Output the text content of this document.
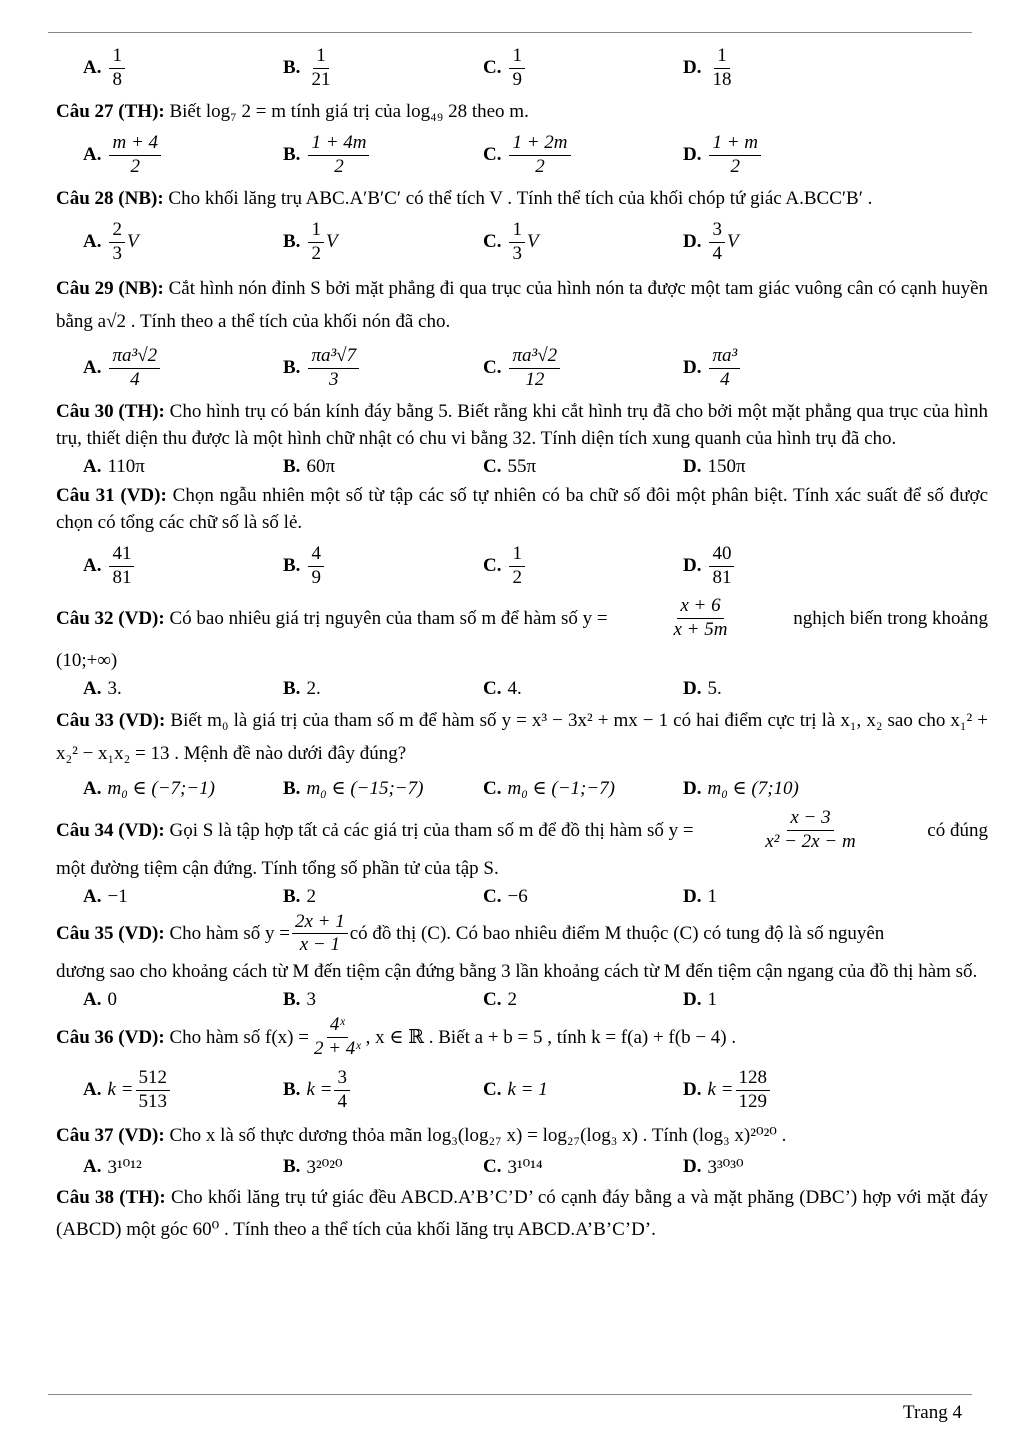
A. $\frac{1}{8}$	B. $\frac{1}{21}$	C. $\frac{1}{9}$	D. $\frac{1}{18}$
Câu 27 (TH): Biết log₇ 2 = m tính giá trị của log₄₉ 28 theo m.
A. $\frac{m + 4}{2}$	B. $\frac{1 + 4m}{2}$	C. $\frac{1 + 2m}{2}$	D. $\frac{1 + m}{2}$
Câu 28 (NB): Cho khối lăng trụ ABC.A′B′C′ có thể tích V . Tính thể tích của khối chóp tứ giác A.BCC′B′ .
A. $\frac{2}{3}$ V	B. $\frac{1}{2}$ V	C. $\frac{1}{3}$ V	D. $\frac{3}{4}$ V
Câu 29 (NB): Cắt hình nón đỉnh S bởi mặt phẳng đi qua trục của hình nón ta được một tam giác vuông cân có cạnh huyền bằng a√2 . Tính theo a thể tích của khối nón đã cho.
A. $\frac{\text{πa³√2}}{4}$	B. $\frac{\text{πa³√7}}{3}$	C. $\frac{\text{πa³√2}}{12}$	D. $\frac{\text{πa³}}{4}$
Câu 30 (TH): Cho hình trụ có bán kính đáy bằng 5. Biết rằng khi cắt hình trụ đã cho bởi một mặt phẳng qua trục của hình trụ, thiết diện thu được là một hình chữ nhật có chu vi bằng 32. Tính diện tích xung quanh của hình trụ đã cho.
A. 110π	B. 60π	C. 55π	D. 150π
Câu 31 (VD): Chọn ngẫu nhiên một số từ tập các số tự nhiên có ba chữ số đôi một phân biệt. Tính xác suất để số được chọn có tổng các chữ số là số lẻ.
A. $\frac{41}{81}$	B. $\frac{4}{9}$	C. $\frac{1}{2}$	D. $\frac{40}{81}$
Câu 32 (VD): Có bao nhiêu giá trị nguyên của tham số m để hàm số y =	$\frac{x + 6}{x + 5m}$	nghịch biến trong khoảng
(10;+∞)
A. 3.	B. 2.	C. 4.	D. 5.
Câu 33 (VD): Biết m₀ là giá trị của tham số m để hàm số y = x³ − 3x² + mx − 1 có hai điểm cực trị là x₁, x₂ sao cho x₁² + x₂² − x₁x₂ = 13 . Mệnh đề nào dưới đây đúng?
A. m₀ ∈ (−7;−1)	B. m₀ ∈ (−15;−7)	C. m₀ ∈ (−1;−7)	D. m₀ ∈ (7;10)
Câu 34 (VD): Gọi S là tập hợp tất cả các giá trị của tham số m để đồ thị hàm số y =	$\frac{x - 3}{\text{x² − 2x − m}}$	có đúng
một đường tiệm cận đứng. Tính tổng số phần tử của tập S.
A. −1	B. 2	C. −6	D. 1
Câu 35 (VD): Cho hàm số $y = \frac{2x + 1}{x - 1}$ có đồ thị (C). Có bao nhiêu điểm M thuộc (C) có tung độ là số nguyên
dương sao cho khoảng cách từ M đến tiệm cận đứng bằng 3 lần khoảng cách từ M đến tiệm cận ngang của đồ thị hàm số.
A. 0	B. 3	C. 2	D. 1
Câu 36 (VD): Cho hàm số $f(x) = \frac{\text{4ˣ}}{\text{2 + 4ˣ}}$ , x ∈ ℝ . Biết a + b = 5 , tính k = f(a) + f(b − 4) .
A. $k = \frac{512}{513}$	B. $k = \frac{3}{4}$	C. k = 1	D. $k = \frac{128}{129}$
Câu 37 (VD): Cho x là số thực dương thỏa mãn log₃(log₂₇ x) = log₂₇(log₃ x) . Tính (log₃ x)²⁰²⁰ .
A. 3¹⁰¹²	B. 3²⁰²⁰	C. 3¹⁰¹⁴	D. 3³⁰³⁰
Câu 38 (TH): Cho khối lăng trụ tứ giác đều ABCD.A’B’C’D’ có cạnh đáy bằng a và mặt phăng (DBC’) hợp với mặt đáy (ABCD) một góc 60⁰ . Tính theo a thể tích của khối lăng trụ ABCD.A’B’C’D’.
Trang 4
